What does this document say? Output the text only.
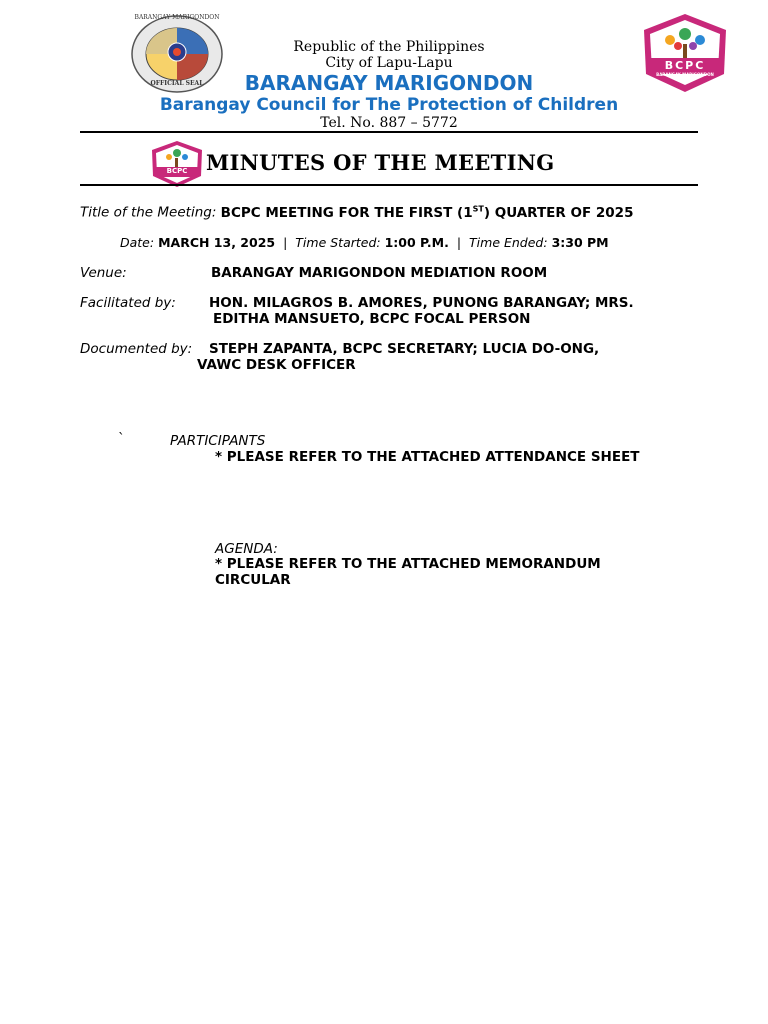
BARANGAY MARIGONDON
OFFICIAL SEAL
BCPC
BARANGAY MARIGONDON
Republic of the Philippines
City of Lapu-Lapu
BARANGAY MARIGONDON
Barangay Council for The Protection of Children
Tel. No. 887 – 5772
BCPC MINUTES OF THE MEETING
Title of the Meeting: BCPC MEETING FOR THE FIRST (1ST) QUARTER OF 2025
Date: MARCH 13, 2025 | Time Started: 1:00 P.M. | Time Ended: 3:30 PM
Venue:	BARANGAY MARIGONDON MEDIATION ROOM
Facilitated by: HON. MILAGROS B. AMORES, PUNONG BARANGAY; MRS.
EDITHA MANSUETO, BCPC FOCAL PERSON
Documented by: STEPH ZAPANTA, BCPC SECRETARY; LUCIA DO-ONG,
VAWC DESK OFFICER
`	PARTICIPANTS
* PLEASE REFER TO THE ATTACHED ATTENDANCE SHEET
AGENDA:
* PLEASE REFER TO THE ATTACHED MEMORANDUM
CIRCULAR
